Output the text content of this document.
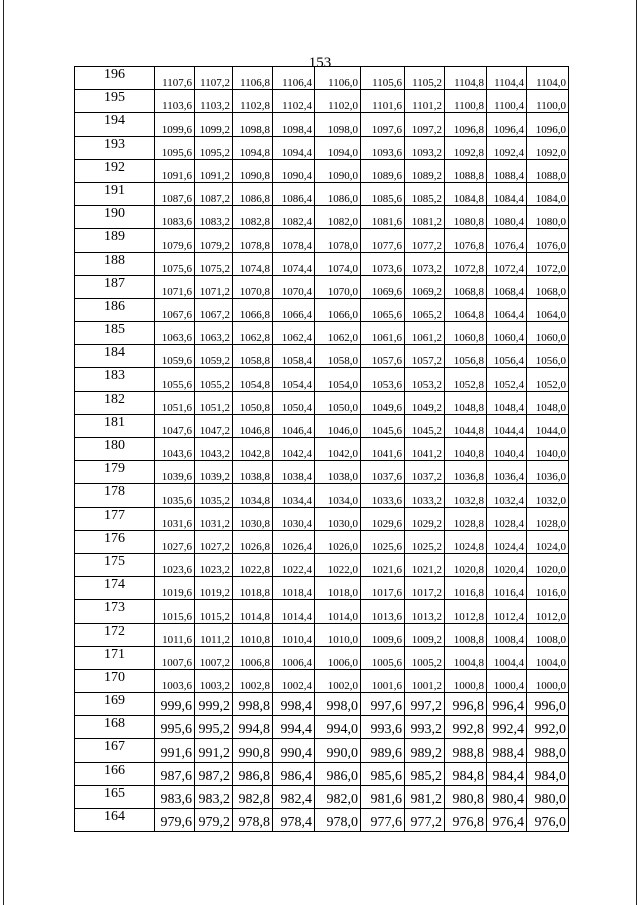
153
196	1107,6	1107,2	1106,8	1106,4	1106,0	1105,6	1105,2	1104,8	1104,4	1104,0
195	1103,6	1103,2	1102,8	1102,4	1102,0	1101,6	1101,2	1100,8	1100,4	1100,0
194	1099,6	1099,2	1098,8	1098,4	1098,0	1097,6	1097,2	1096,8	1096,4	1096,0
193	1095,6	1095,2	1094,8	1094,4	1094,0	1093,6	1093,2	1092,8	1092,4	1092,0
192	1091,6	1091,2	1090,8	1090,4	1090,0	1089,6	1089,2	1088,8	1088,4	1088,0
191	1087,6	1087,2	1086,8	1086,4	1086,0	1085,6	1085,2	1084,8	1084,4	1084,0
190	1083,6	1083,2	1082,8	1082,4	1082,0	1081,6	1081,2	1080,8	1080,4	1080,0
189	1079,6	1079,2	1078,8	1078,4	1078,0	1077,6	1077,2	1076,8	1076,4	1076,0
188	1075,6	1075,2	1074,8	1074,4	1074,0	1073,6	1073,2	1072,8	1072,4	1072,0
187	1071,6	1071,2	1070,8	1070,4	1070,0	1069,6	1069,2	1068,8	1068,4	1068,0
186	1067,6	1067,2	1066,8	1066,4	1066,0	1065,6	1065,2	1064,8	1064,4	1064,0
185	1063,6	1063,2	1062,8	1062,4	1062,0	1061,6	1061,2	1060,8	1060,4	1060,0
184	1059,6	1059,2	1058,8	1058,4	1058,0	1057,6	1057,2	1056,8	1056,4	1056,0
183	1055,6	1055,2	1054,8	1054,4	1054,0	1053,6	1053,2	1052,8	1052,4	1052,0
182	1051,6	1051,2	1050,8	1050,4	1050,0	1049,6	1049,2	1048,8	1048,4	1048,0
181	1047,6	1047,2	1046,8	1046,4	1046,0	1045,6	1045,2	1044,8	1044,4	1044,0
180	1043,6	1043,2	1042,8	1042,4	1042,0	1041,6	1041,2	1040,8	1040,4	1040,0
179	1039,6	1039,2	1038,8	1038,4	1038,0	1037,6	1037,2	1036,8	1036,4	1036,0
178	1035,6	1035,2	1034,8	1034,4	1034,0	1033,6	1033,2	1032,8	1032,4	1032,0
177	1031,6	1031,2	1030,8	1030,4	1030,0	1029,6	1029,2	1028,8	1028,4	1028,0
176	1027,6	1027,2	1026,8	1026,4	1026,0	1025,6	1025,2	1024,8	1024,4	1024,0
175	1023,6	1023,2	1022,8	1022,4	1022,0	1021,6	1021,2	1020,8	1020,4	1020,0
174	1019,6	1019,2	1018,8	1018,4	1018,0	1017,6	1017,2	1016,8	1016,4	1016,0
173	1015,6	1015,2	1014,8	1014,4	1014,0	1013,6	1013,2	1012,8	1012,4	1012,0
172	1011,6	1011,2	1010,8	1010,4	1010,0	1009,6	1009,2	1008,8	1008,4	1008,0
171	1007,6	1007,2	1006,8	1006,4	1006,0	1005,6	1005,2	1004,8	1004,4	1004,0
170	1003,6	1003,2	1002,8	1002,4	1002,0	1001,6	1001,2	1000,8	1000,4	1000,0
169	999,6	999,2	998,8	998,4	998,0	997,6	997,2	996,8	996,4	996,0
168	995,6	995,2	994,8	994,4	994,0	993,6	993,2	992,8	992,4	992,0
167	991,6	991,2	990,8	990,4	990,0	989,6	989,2	988,8	988,4	988,0
166	987,6	987,2	986,8	986,4	986,0	985,6	985,2	984,8	984,4	984,0
165	983,6	983,2	982,8	982,4	982,0	981,6	981,2	980,8	980,4	980,0
164	979,6	979,2	978,8	978,4	978,0	977,6	977,2	976,8	976,4	976,0
